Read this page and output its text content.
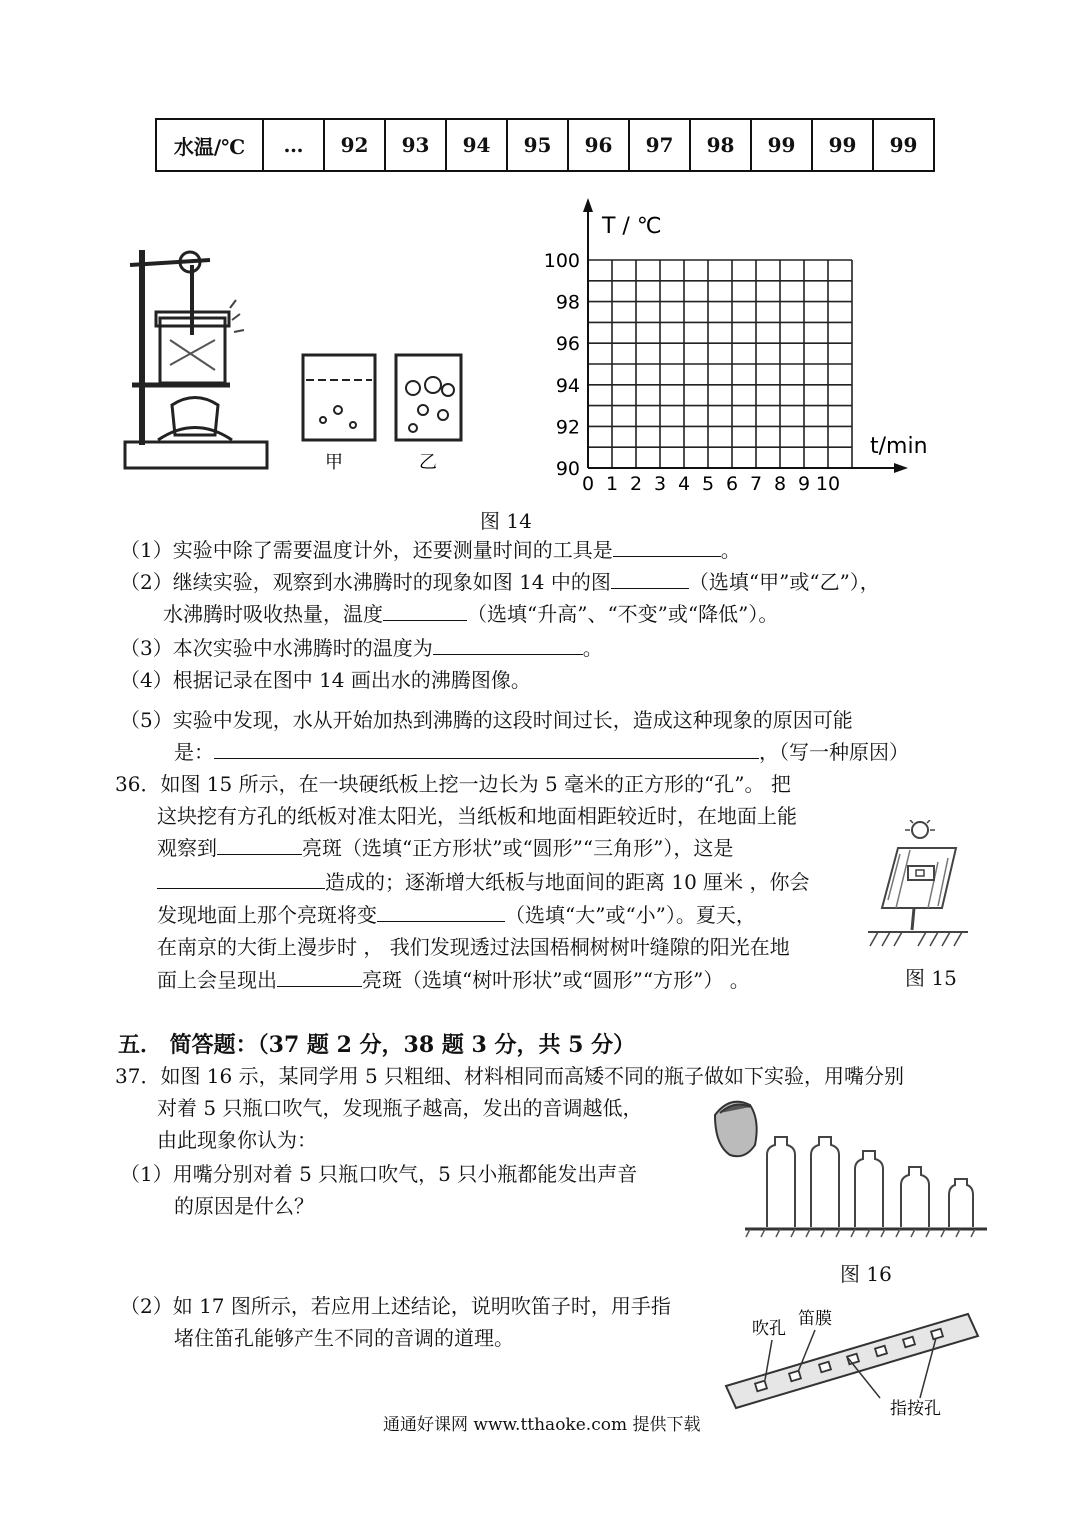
水温/℃	…	92	93	94	95	96	97	98	99	99	99
甲	乙
T / ℃
t/min
100
98
96
94
92
90
0 1 2 3 4 5 6 7 8 9 10
图 14
（1）实验中除了需要温度计外，还要测量时间的工具是	。
（2）继续实验，观察到水沸腾时的现象如图 14 中的图	（选填“甲”或“乙”），
水沸腾时吸收热量，温度	（选填“升高”、“不变”或“降低”）。
（3）本次实验中水沸腾时的温度为	。
（4）根据记录在图中 14 画出水的沸腾图像。
（5）实验中发现，水从开始加热到沸腾的这段时间过长，造成这种现象的原因可能
是：	，（写一种原因）
36．如图 15 所示，在一块硬纸板上挖一边长为 5 毫米的正方形的“孔”。 把
这块挖有方孔的纸板对准太阳光，当纸板和地面相距较近时，在地面上能
观察到	亮斑（选填“正方形状”或“圆形”“三角形”），这是
造成的；逐渐增大纸板与地面间的距离 10 厘米 ，你会
发现地面上那个亮斑将变	（选填“大”或“小”）。夏天，
在南京的大街上漫步时 ， 我们发现透过法国梧桐树树叶缝隙的阳光在地
面上会呈现出	亮斑（选填“树叶形状”或“圆形”“方形”） 。	图 15
五． 简答题：（37 题 2 分，38 题 3 分，共 5 分）
37．如图 16 示，某同学用 5 只粗细、材料相同而高矮不同的瓶子做如下实验，用嘴分别
对着 5 只瓶口吹气，发现瓶子越高，发出的音调越低，
由此现象你认为：
（1）用嘴分别对着 5 只瓶口吹气，5 只小瓶都能发出声音
的原因是什么？
图 16
（2）如 17 图所示，若应用上述结论，说明吹笛子时，用手指
堵住笛孔能够产生不同的音调的道理。	吹孔 笛膜
指按孔
通通好课网 www.tthaoke.com 提供下载
